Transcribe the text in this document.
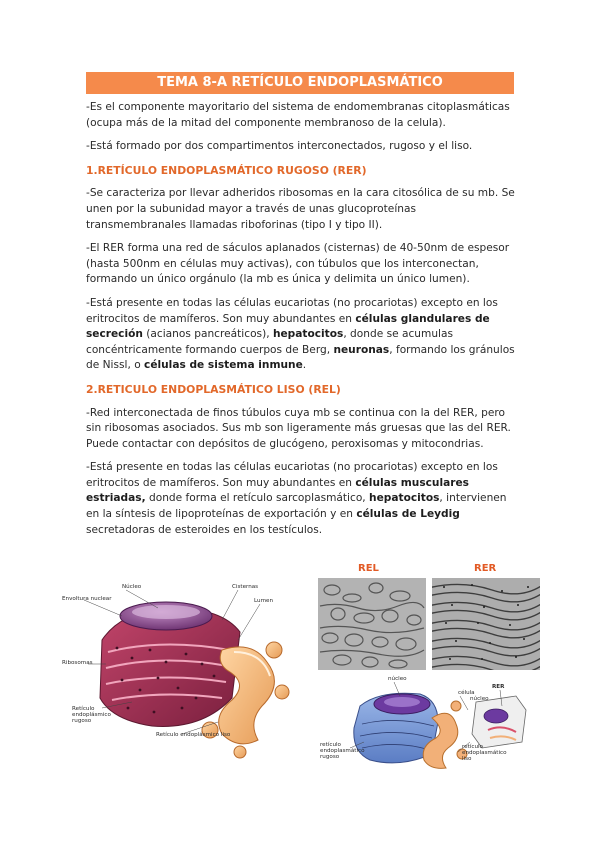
TEMA 8-A RETÍCULO ENDOPLASMÁTICO

-Es el componente mayoritario del sistema de endomembranas citoplasmáticas (ocupa más de la mitad del componente membranoso de la celula).

-Está formado por dos compartimentos interconectados, rugoso y el liso.

1.RETÍCULO ENDOPLASMÁTICO RUGOSO (RER)

-Se caracteriza por llevar adheridos ribosomas en la cara citosólica de su mb. Se unen por la subunidad mayor a través de unas glucoproteínas transmembranales llamadas riboforinas (tipo I y tipo II).

-El RER forma una red de sáculos aplanados (cisternas) de 40-50nm de espesor (hasta 500nm en células muy activas), con túbulos que los interconectan, formando un único orgánulo (la mb es única y delimita un único lumen).

-Está presente en todas las células eucariotas (no procariotas) excepto en los eritrocitos de mamíferos. Son muy abundantes en células glandulares de secreción (acianos pancreáticos), hepatocitos, donde se acumulas concéntricamente formando cuerpos de Berg, neuronas, formando los gránulos de Nissl, o células de sistema inmune.

2.RETICULO ENDOPLASMÁTICO LISO (REL)

-Red interconectada de finos túbulos cuya mb se continua con la del RER, pero sin ribosomas asociados. Sus mb son ligeramente más gruesas que las del RER. Puede contactar con depósitos de glucógeno, peroxisomas y mitocondrias.

-Está presente en todas las células eucariotas (no procariotas) excepto en los eritrocitos de mamíferos. Son muy abundantes en células musculares estriadas, donde forma el retículo sarcoplasmático, hepatocitos, intervienen en la síntesis de lipoproteínas de exportación y en células de Leydig secretadoras de esteroides en los testículos.

Núcleo
Envoltura nuclear
Cisternas
Lumen
Ribosomas
Retículo endoplásmico rugoso
Retículo endoplásmico liso
REL	RER
núcleo
RER
célula
núcleo
retículo endoplasmático rugoso
retículo endoplasmático liso
